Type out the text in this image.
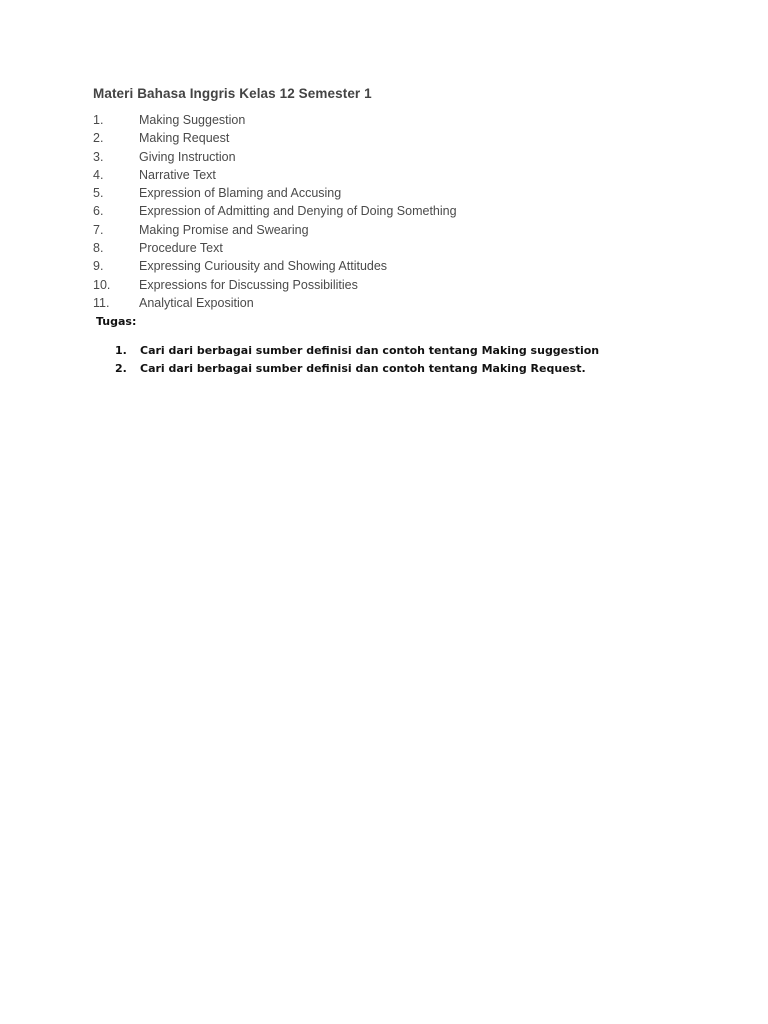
Materi Bahasa Inggris Kelas 12 Semester 1
1.	Making Suggestion
2.	Making Request
3.	Giving Instruction
4.	Narrative Text
5.	Expression of Blaming and Accusing
6.	Expression of Admitting and Denying of Doing Something
7.	Making Promise and Swearing
8.	Procedure Text
9.	Expressing Curiousity and Showing Attitudes
10. Expressions for Discussing Possibilities
11. Analytical Exposition
Tugas:
1. Cari dari berbagai sumber definisi dan contoh tentang Making suggestion
2. Cari dari berbagai sumber definisi dan contoh tentang Making Request.
